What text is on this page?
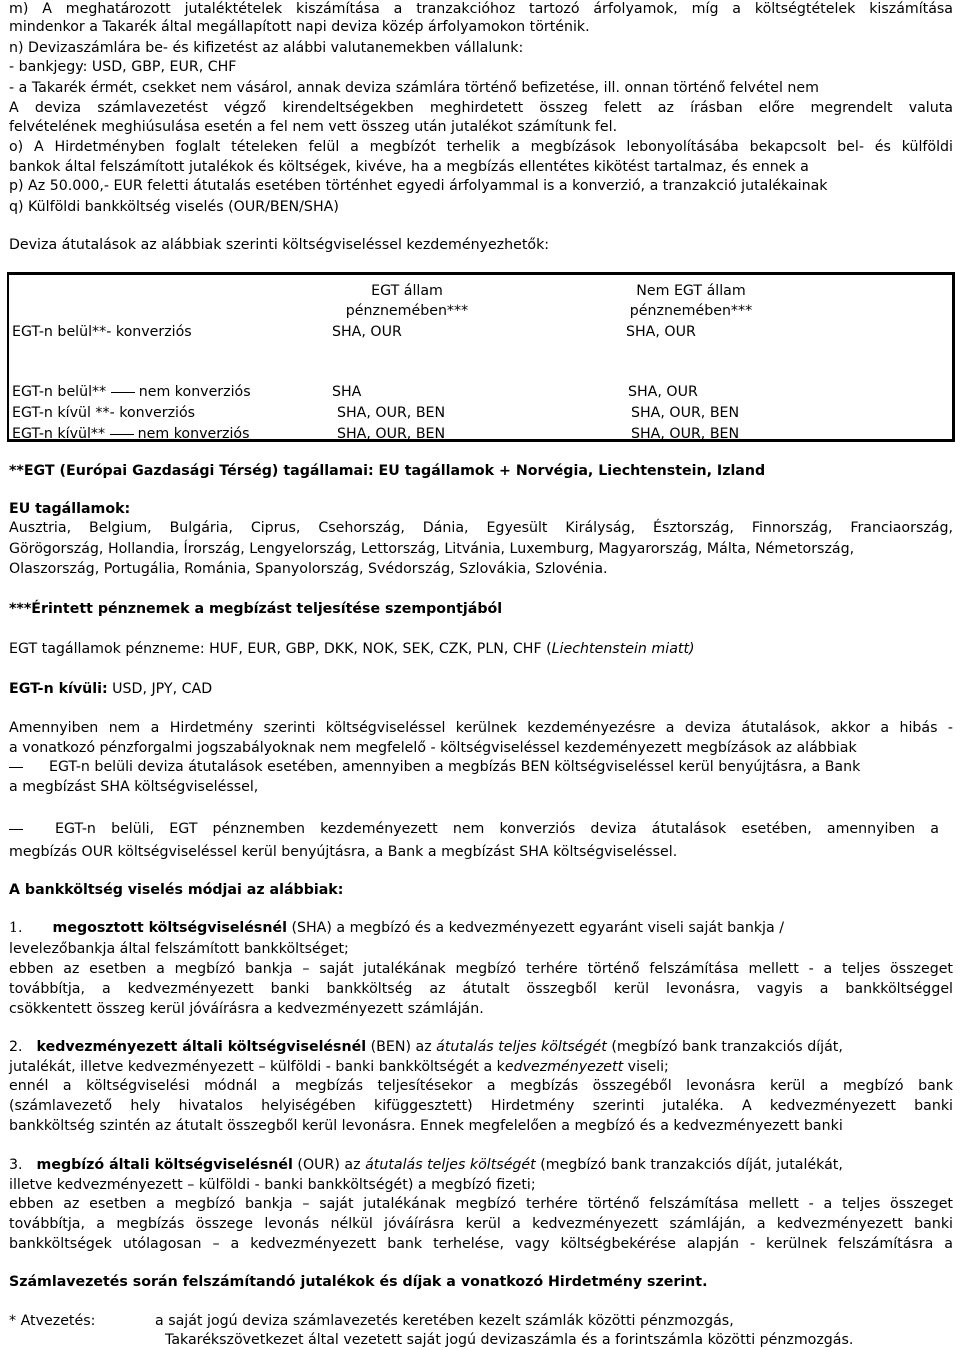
m) A meghatározott jutaléktételek kiszámítása a tranzakcióhoz tartozó árfolyamok, míg a költségtételek kiszámítása
mindenkor a Takarék által megállapított napi deviza közép árfolyamokon történik.
n) Devizaszámlára be- és kifizetést az alábbi valutanemekben vállalunk:
- bankjegy: USD, GBP, EUR, CHF
- a Takarék érmét, csekket nem vásárol, annak deviza számlára történő befizetése, ill. onnan történő felvétel nem
A deviza számlavezetést végző kirendeltségekben meghirdetett összeg felett az írásban előre megrendelt valuta
felvételének meghiúsulása esetén a fel nem vett összeg után jutalékot számítunk fel.
o) A Hirdetményben foglalt tételeken felül a megbízót terhelik a megbízások lebonyolításába bekapcsolt bel- és külföldi
bankok által felszámított jutalékok és költségek, kivéve, ha a megbízás ellentétes kikötést tartalmaz, és ennek a
p) Az 50.000,- EUR feletti átutalás esetében történhet egyedi árfolyammal is a konverzió, a tranzakció jutalékainak
q) Külföldi bankköltség viselés (OUR/BEN/SHA)
Deviza átutalások az alábbiak szerinti költségviseléssel kezdeményezhetők:
EGT állam
pénznemében***
Nem EGT állam
pénznemében***
EGT-n belül**- konverziós	SHA, OUR	SHA, OUR
EGT-n belül** nem konverziós	SHA	SHA, OUR
EGT-n kívül **- konverziós	SHA, OUR, BEN	SHA, OUR, BEN
EGT-n kívül** nem konverziós	SHA, OUR, BEN	SHA, OUR, BEN
**EGT (Európai Gazdasági Térség) tagállamai: EU tagállamok + Norvégia, Liechtenstein, Izland
EU tagállamok:
Ausztria, Belgium, Bulgária, Ciprus, Csehország, Dánia, Egyesült Királyság, Észtország, Finnország, Franciaország,
Görögország, Hollandia, Írország, Lengyelország, Lettország, Litvánia, Luxemburg, Magyarország, Málta, Németország,
Olaszország, Portugália, Románia, Spanyolország, Svédország, Szlovákia, Szlovénia.
***Érintett pénznemek a megbízást teljesítése szempontjából
EGT tagállamok pénzneme: HUF, EUR, GBP, DKK, NOK, SEK, CZK, PLN, CHF (Liechtenstein miatt)
EGT-n kívüli: USD, JPY, CAD
Amennyiben nem a Hirdetmény szerinti költségviseléssel kerülnek kezdeményezésre a deviza átutalások, akkor a hibás -
a vonatkozó pénzforgalmi jogszabályoknak nem megfelelő - költségviseléssel kezdeményezett megbízások az alábbiak
EGT-n belüli deviza átutalások esetében, amennyiben a megbízás BEN költségviseléssel kerül benyújtásra, a Bank
a megbízást SHA költségviseléssel,
EGT-n belüli, EGT pénznemben kezdeményezett nem konverziós deviza átutalások esetében, amennyiben a
megbízás OUR költségviseléssel kerül benyújtásra, a Bank a megbízást SHA költségviseléssel.
A bankköltség viselés módjai az alábbiak:
1. megosztott költségviselésnél (SHA) a megbízó és a kedvezményezett egyaránt viseli saját bankja /
levelezőbankja által felszámított bankköltséget;
ebben az esetben a megbízó bankja – saját jutalékának megbízó terhére történő felszámítása mellett - a teljes összeget
továbbítja, a kedvezményezett banki bankköltség az átutalt összegből kerül levonásra, vagyis a bankköltséggel
csökkentett összeg kerül jóváírásra a kedvezményezett számláján.
2. kedvezményezett általi költségviselésnél (BEN) az átutalás teljes költségét (megbízó bank tranzakciós díját,
jutalékát, illetve kedvezményezett – külföldi - banki bankköltségét a kedvezményezett viseli;
ennél a költségviselési módnál a megbízás teljesítésekor a megbízás összegéből levonásra kerül a megbízó bank
(számlavezető hely hivatalos helyiségében kifüggesztett) Hirdetmény szerinti jutaléka. A kedvezményezett banki
bankköltség szintén az átutalt összegből kerül levonásra. Ennek megfelelően a megbízó és a kedvezményezett banki
3. megbízó általi költségviselésnél (OUR) az átutalás teljes költségét (megbízó bank tranzakciós díját, jutalékát,
illetve kedvezményezett – külföldi - banki bankköltségét) a megbízó fizeti;
ebben az esetben a megbízó bankja – saját jutalékának megbízó terhére történő felszámítása mellett - a teljes összeget
továbbítja, a megbízás összege levonás nélkül jóváírásra kerül a kedvezményezett számláján, a kedvezményezett banki
bankköltségek utólagosan – a kedvezményezett bank terhelése, vagy költségbekérése alapján - kerülnek felszámításra a
Számlavezetés során felszámítandó jutalékok és díjak a vonatkozó Hirdetmény szerint.
* Atvezetés:	a saját jogú deviza számlavezetés keretében kezelt számlák közötti pénzmozgás,
Takarékszövetkezet által vezetett saját jogú devizaszámla és a forintszámla közötti pénzmozgás.
